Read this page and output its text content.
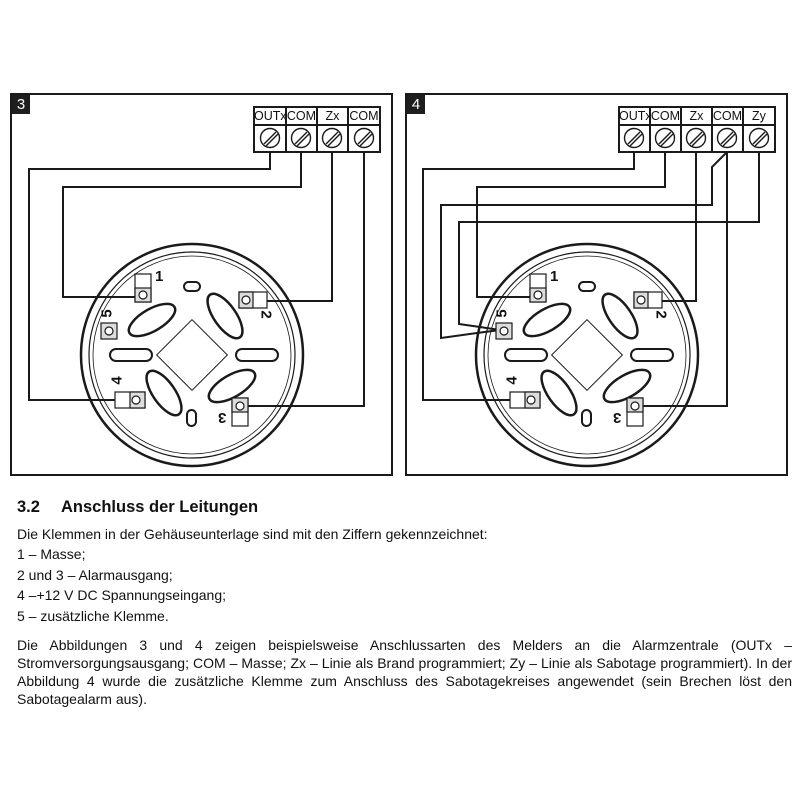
3
OUTx COM Zx COM
1
2
3
4
5
4
OUTx COM Zx COM Zy
1
2
3
4
5
3.2 Anschluss der Leitungen

Die Klemmen in der Gehäuseunterlage sind mit den Ziffern gekennzeichnet:

1 – Masse;
2 und 3 – Alarmausgang;
4 –+12 V DC Spannungseingang;
5 – zusätzliche Klemme.

Die Abbildungen 3 und 4 zeigen beispielsweise Anschlussarten des Melders an die Alarmzentrale (OUTx – Stromversorgungsausgang; COM – Masse; Zx – Linie als Brand programmiert; Zy – Linie als Sabotage programmiert). In der Abbildung 4 wurde die zusätzliche Klemme zum Anschluss des Sabotagekreises angewendet (sein Brechen löst den Sabotagealarm aus).
